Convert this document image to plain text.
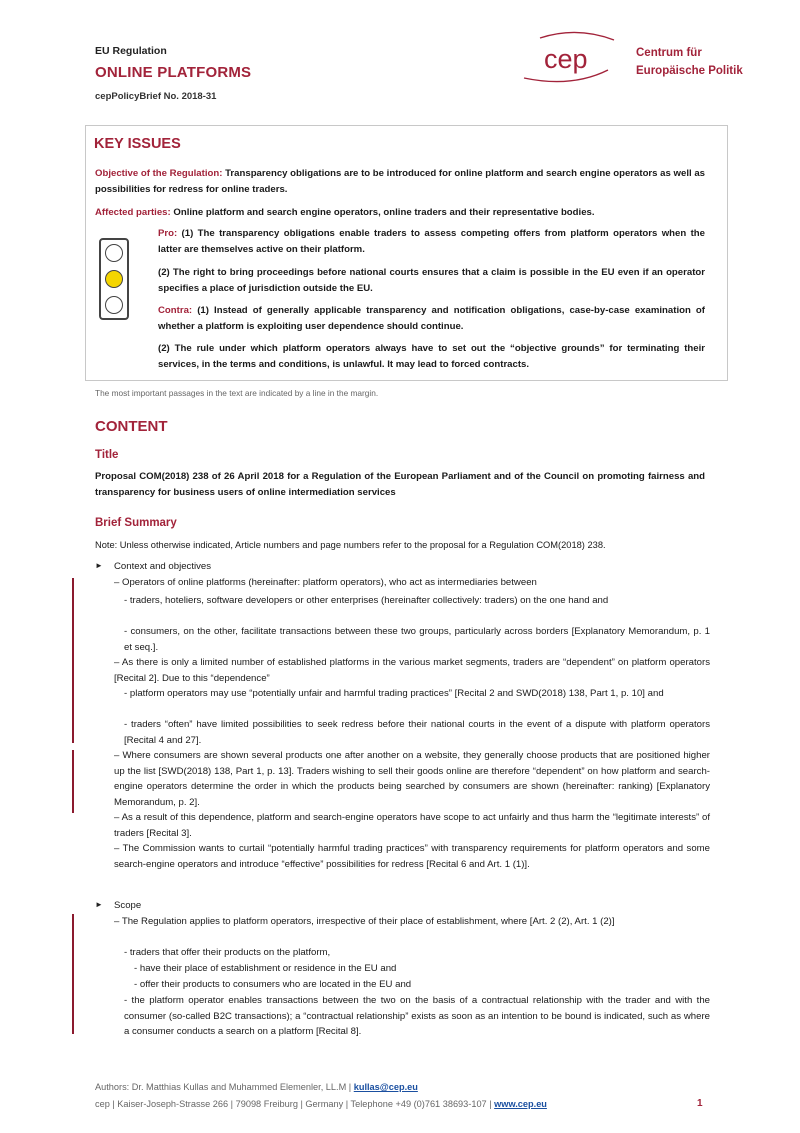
EU Regulation
ONLINE PLATFORMS
cepPolicyBrief No. 2018-31
cep	Centrum für
Europäische Politik
KEY ISSUES
Objective of the Regulation: Transparency obligations are to be introduced for online platform and search engine operators as well as possibilities for redress for online traders.
Affected parties: Online platform and search engine operators, online traders and their representative bodies.
Pro: (1) The transparency obligations enable traders to assess competing offers from platform operators when the latter are themselves active on their platform.
(2) The right to bring proceedings before national courts ensures that a claim is possible in the EU even if an operator specifies a place of jurisdiction outside the EU.
Contra: (1) Instead of generally applicable transparency and notification obligations, case-by-case examination of whether a platform is exploiting user dependence should continue.
(2) The rule under which platform operators always have to set out the “objective grounds” for terminating their services, in the terms and conditions, is unlawful. It may lead to forced contracts.
The most important passages in the text are indicated by a line in the margin.
CONTENT
Title
Proposal COM(2018) 238 of 26 April 2018 for a Regulation of the European Parliament and of the Council on promoting fairness and transparency for business users of online intermediation services
Brief Summary
Note: Unless otherwise indicated, Article numbers and page numbers refer to the proposal for a Regulation COM(2018) 238.
► Context and objectives
– Operators of online platforms (hereinafter: platform operators), who act as intermediaries between
- traders, hoteliers, software developers or other enterprises (hereinafter collectively: traders) on the one hand and
- consumers, on the other, facilitate transactions between these two groups, particularly across borders [Explanatory Memorandum, p. 1 et seq.].
– As there is only a limited number of established platforms in the various market segments, traders are “dependent” on platform operators [Recital 2]. Due to this “dependence”
- platform operators may use “potentially unfair and harmful trading practices” [Recital 2 and SWD(2018) 138, Part 1, p. 10] and
- traders “often” have limited possibilities to seek redress before their national courts in the event of a dispute with platform operators [Recital 4 and 27].
– Where consumers are shown several products one after another on a website, they generally choose products that are positioned higher up the list [SWD(2018) 138, Part 1, p. 13]. Traders wishing to sell their goods online are therefore “dependent” on how platform and search-engine operators determine the order in which the products being searched by consumers are shown (hereinafter: ranking) [Explanatory Memorandum, p. 2].
– As a result of this dependence, platform and search-engine operators have scope to act unfairly and thus harm the “legitimate interests” of traders [Recital 3].
– The Commission wants to curtail “potentially harmful trading practices” with transparency requirements for platform operators and some search-engine operators and introduce “effective” possibilities for redress [Recital 6 and Art. 1 (1)].
► Scope
– The Regulation applies to platform operators, irrespective of their place of establishment, where [Art. 2 (2), Art. 1 (2)]
- traders that offer their products on the platform,
- have their place of establishment or residence in the EU and
- offer their products to consumers who are located in the EU and
- the platform operator enables transactions between the two on the basis of a contractual relationship with the trader and with the consumer (so-called B2C transactions); a “contractual relationship” exists as soon as an intention to be bound is indicated, such as where a consumer conducts a search on a platform [Recital 8].
Authors: Dr. Matthias Kullas and Muhammed Elemenler, LL.M | kullas@cep.eu
cep | Kaiser-Joseph-Strasse 266 | 79098 Freiburg | Germany | Telephone +49 (0)761 38693-107 | www.cep.eu	1
